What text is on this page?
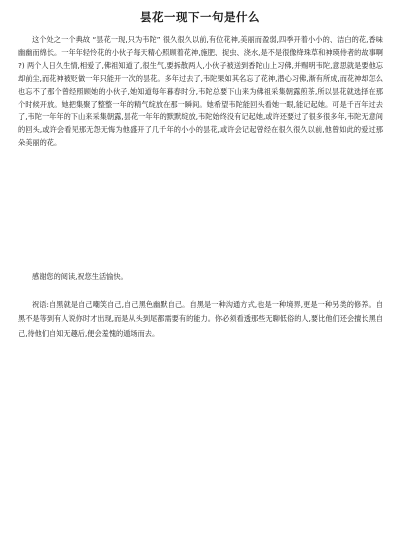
昙花一现下一句是什么

这个处之一个典故 “昙花一现,只为韦陀” 很久很久以前,有位花神,美丽而盈弱,四季开着小小的、洁白的花,香味幽幽而绵长。一年年轻怜花的小伙子每天精心照顾着花神,施肥、捉虫、浇水,是不是很像绛珠草和神瑛侍者的故事啊 ?) 两个人日久生情,相爱了,佛祖知道了,很生气,要拆散两人,小伙子被送到香陀山上习佛,并赐明韦陀,意思就是要他忘却前尘,而花神被贬做一年只能开一次的昙花。多年过去了,韦陀果如其名忘了花神,潜心习佛,渐有所成,而花神却怎么也忘不了那个曾经照顾她的小伙子,她知道每年暮春时分,韦陀总要下山来为佛祖采集朝露煎茶,所以昙花就选择在那个时候开放。她把集聚了整整一年的精气绽放在那一瞬间。她希望韦陀能回头看她一眼,能记起她。可是千百年过去了,韦陀一年年的下山来采集朝露,昙花一年年的默默绽放,韦陀始终没有记起她,或许还要过了很多很多年,韦陀无意间的回头,或许会看见那无怨无悔为他盛开了几千年的小小的昙花,或许会记起曾经在很久很久以前,他曾如此的爱过那朵美丽的花。

感谢您的阅读,祝您生活愉快。

祝语:自黑就是自己嘲笑自己,自己黑色幽默自己。自黑是一种沟通方式,也是一种境界,更是一种另类的修养。自黑不是等到有人说你时才出现,而是从头到尾都需要有的能力。你必须看透那些无聊低俗的人,要比他们还会擅长黑自己,待他们自知无趣后,便会羞愧的遁场而去。
